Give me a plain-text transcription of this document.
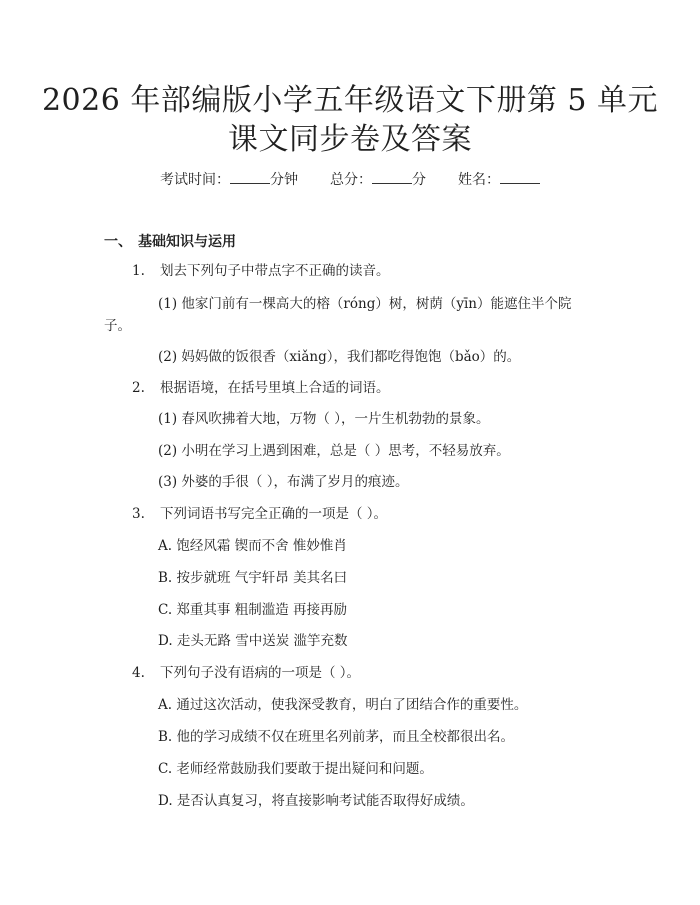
2026 年部编版小学五年级语文下册第 5 单元
课文同步卷及答案
考试时间：	分钟 总分：	分 姓名：
一、 基础知识与运用
1. 划去下列句子中带点字不正确的读音。
(1) 他家门前有一棵高大的榕（róng）树，树荫（yīn）能遮住半个院
子。
(2) 妈妈做的饭很香（xiǎng），我们都吃得饱饱（bǎo）的。
2. 根据语境，在括号里填上合适的词语。
(1) 春风吹拂着大地，万物（ ），一片生机勃勃的景象。
(2) 小明在学习上遇到困难，总是（ ）思考，不轻易放弃。
(3) 外婆的手很（ ），布满了岁月的痕迹。
3. 下列词语书写完全正确的一项是（ ）。
A. 饱经风霜 锲而不舍 惟妙惟肖
B. 按步就班 气宇轩昂 美其名曰
C. 郑重其事 粗制滥造 再接再励
D. 走头无路 雪中送炭 滥竽充数
4. 下列句子没有语病的一项是（ ）。
A. 通过这次活动，使我深受教育，明白了团结合作的重要性。
B. 他的学习成绩不仅在班里名列前茅，而且全校都很出名。
C. 老师经常鼓励我们要敢于提出疑问和问题。
D. 是否认真复习，将直接影响考试能否取得好成绩。
